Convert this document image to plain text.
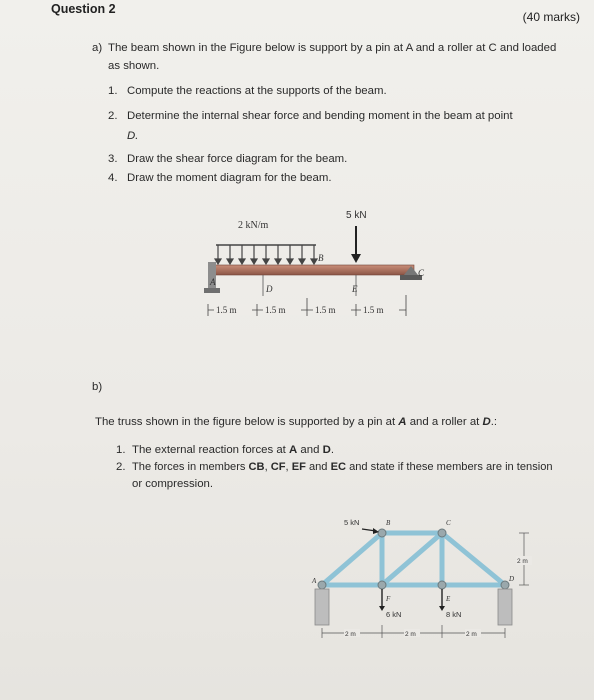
Question 2
(40 marks)
a) The beam shown in the Figure below is support by a pin at A and a roller at C and loaded
as shown.
1. Compute the reactions at the supports of the beam.
2. Determine the internal shear force and bending moment in the beam at point
D.
3. Draw the shear force diagram for the beam.
4. Draw the moment diagram for the beam.
2 kN/m
5 kN
A
D
B
E
C
1.5 m	1.5 m	1.5 m	1.5 m
b)
The truss shown in the figure below is supported by a pin at A and a roller at D.:
1. The external reaction forces at A and D.
2. The forces in members CB, CF, EF and EC and state if these members are in tension
or compression.
5 kN
6 kN	8 kN
A
B	C
D
E
F
2 m
2 m	2 m	2 m
